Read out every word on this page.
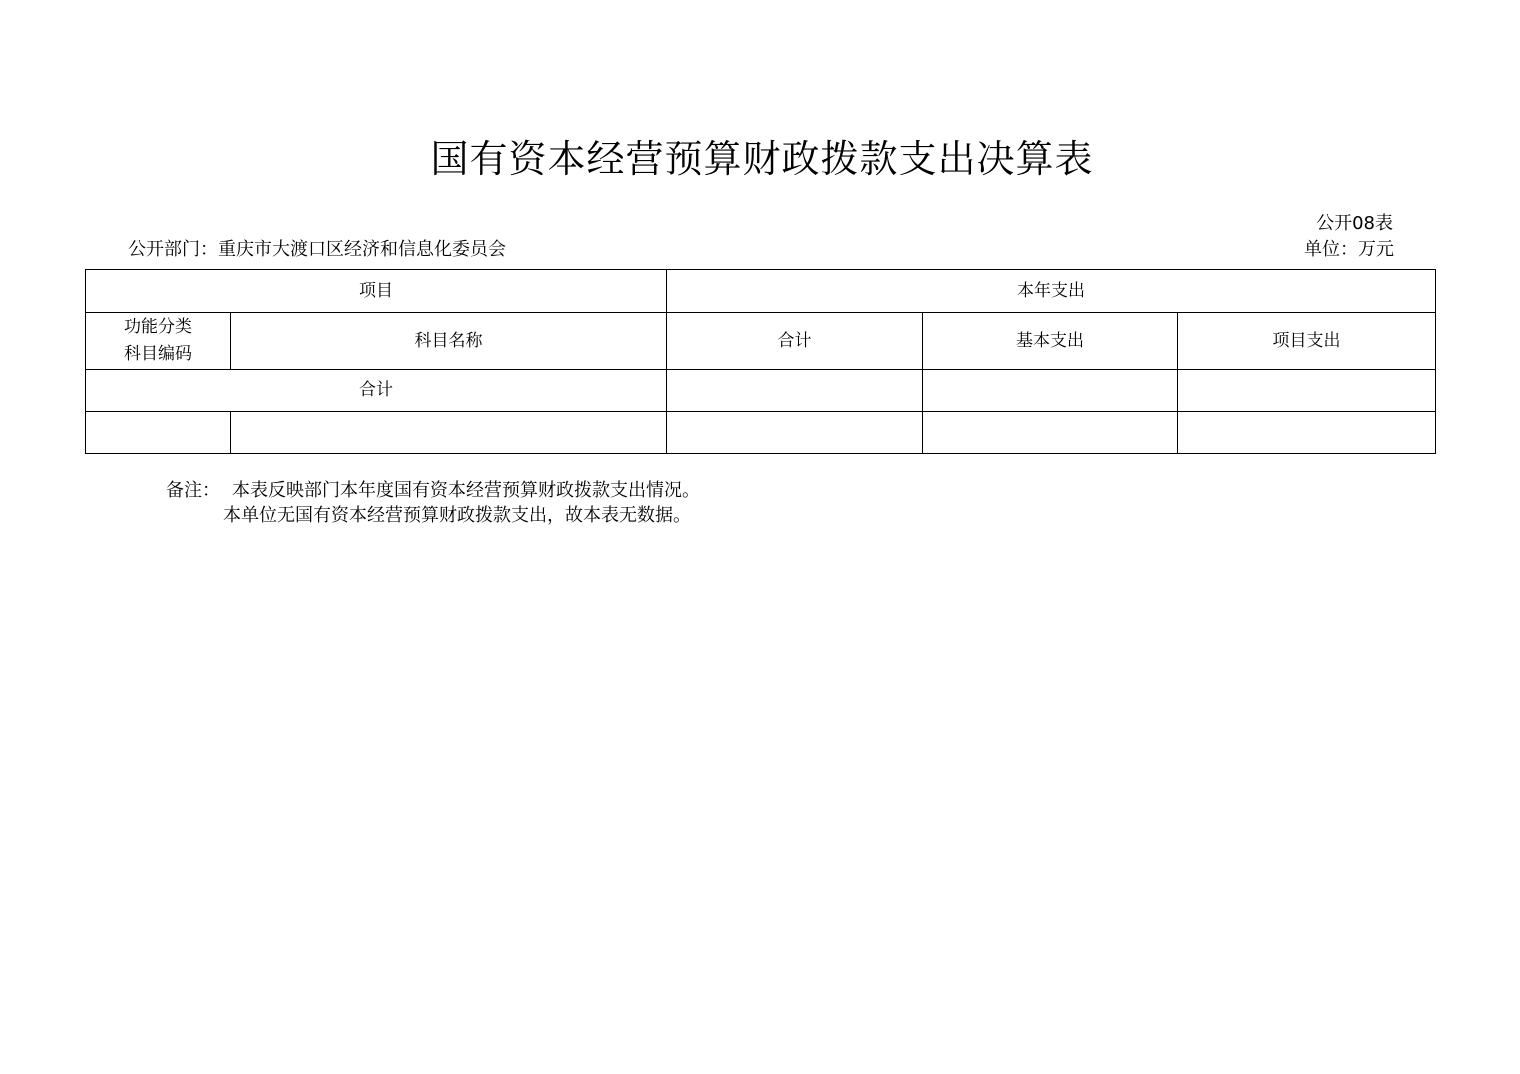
国有资本经营预算财政拨款支出决算表
公开08表
公开部门：重庆市大渡口区经济和信息化委员会	单位：万元
项目		本年支出		

功能分类
科目编码	科目名称	合计	基本支出	项目支出
合计				

备注： 本表反映部门本年度国有资本经营预算财政拨款支出情况。
本单位无国有资本经营预算财政拨款支出，故本表无数据。
